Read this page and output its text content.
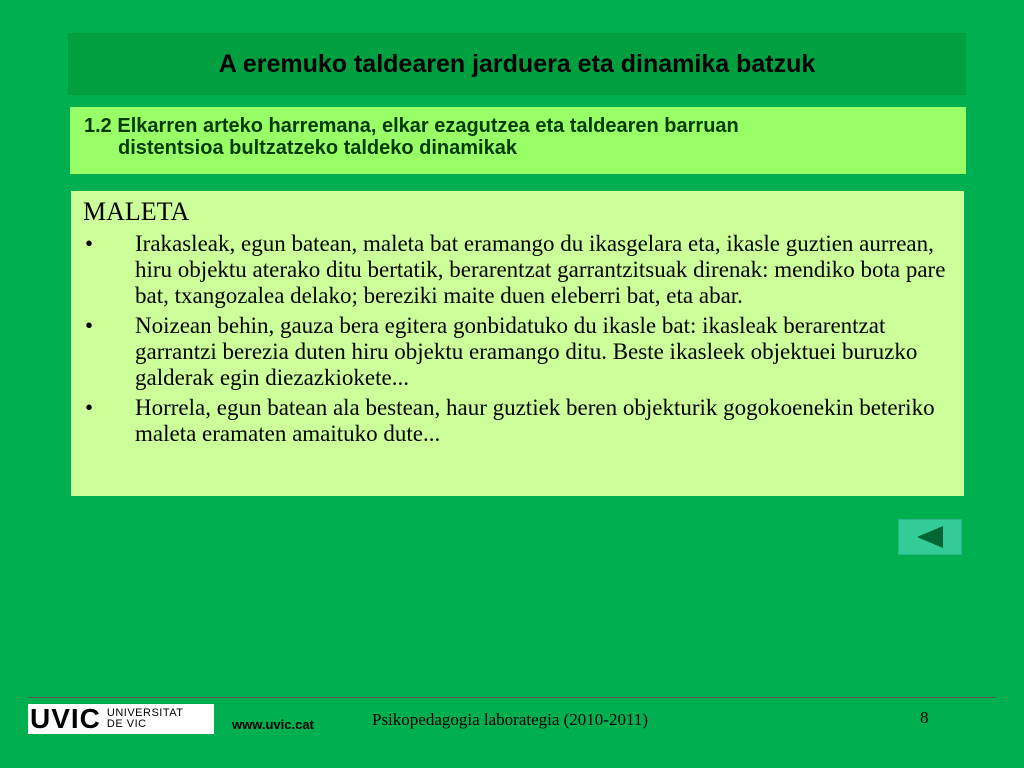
A eremuko taldearen jarduera eta dinamika batzuk
1.2 Elkarren arteko harremana, elkar ezagutzea eta taldearen barruan
distentsioa bultzatzeko taldeko dinamikak
MALETA
•	Irakasleak, egun batean, maleta bat eramango du ikasgelara eta, ikasle guztien aurrean, hiru objektu aterako ditu bertatik, berarentzat garrantzitsuak direnak: mendiko bota pare bat, txangozalea delako; bereziki maite duen eleberri bat, eta abar.
•	Noizean behin, gauza bera egitera gonbidatuko du ikasle bat: ikasleak berarentzat garrantzi berezia duten hiru objektu eramango ditu. Beste ikasleek objektuei buruzko galderak egin diezazkiokete...
•	Horrela, egun batean ala bestean, haur guztiek beren objekturik gogokoenekin beteriko maleta eramaten amaituko dute...
UVIC UNIVERSITAT
DE VIC	www.uvic.cat	Psikopedagogia laborategia (2010-2011)	8
